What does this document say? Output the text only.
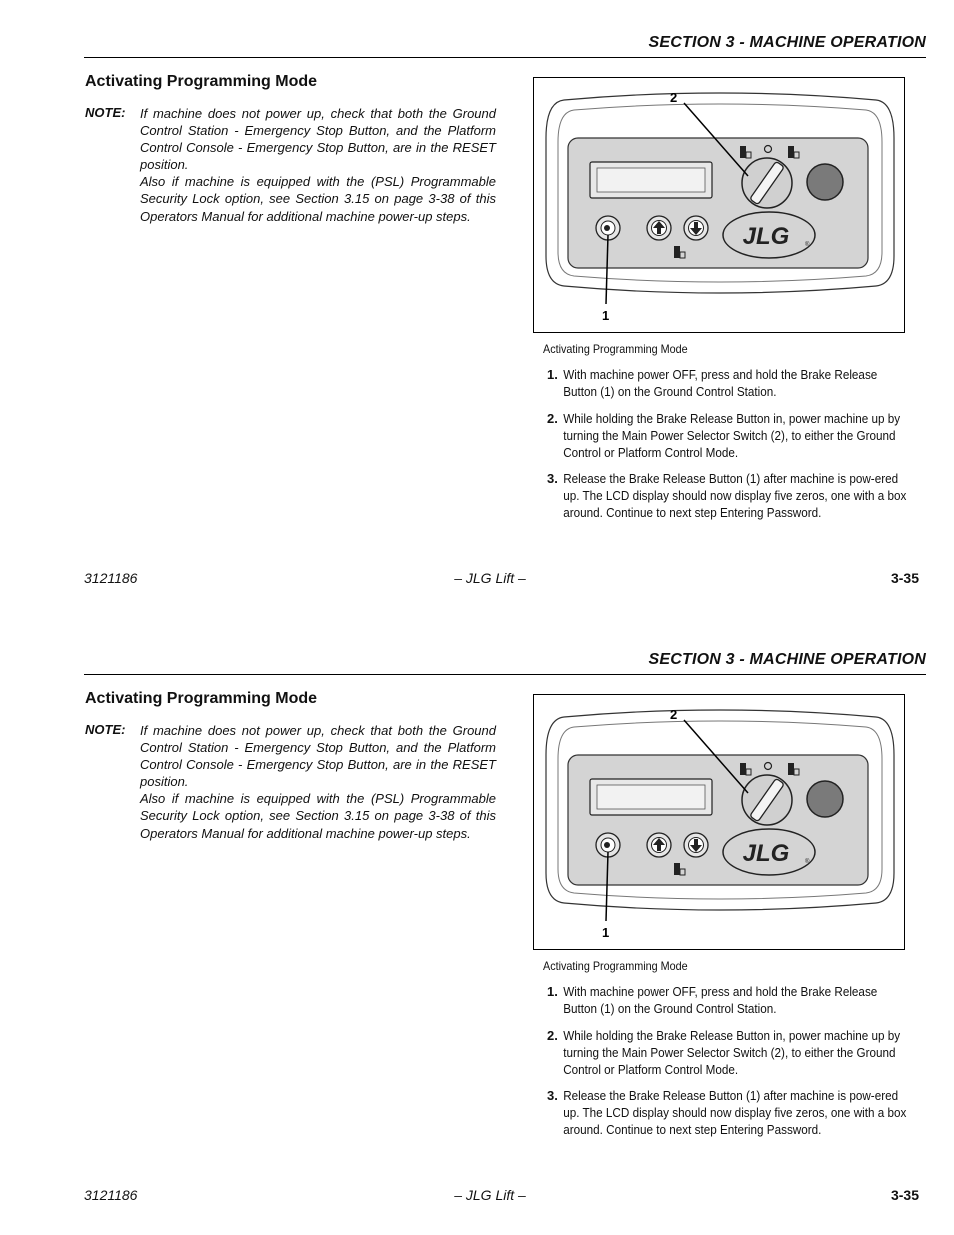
SECTION 3 - MACHINE OPERATION
Activating Programming Mode
NOTE: If machine does not power up, check that both the Ground Control Station - Emergency Stop Button, and the Platform Control Console - Emergency Stop Button, are in the RESET position.

Also if machine is equipped with the (PSL) Programmable Security Lock option, see Section 3.15 on page 3-38 of this Operators Manual for additional machine power-up steps.

JLG	®
2
1
Activating Programming Mode
1. With machine power OFF, press and hold the Brake Release Button (1) on the Ground Control Station.
2. While holding the Brake Release Button in, power machine up by turning the Main Power Selector Switch (2), to either the Ground Control or Platform Control Mode.
3. Release the Brake Release Button (1) after machine is pow-ered up. The LCD display should now display five zeros, one with a box around. Continue to next step Entering Password.
3121186	– JLG Lift –	3-35
SECTION 3 - MACHINE OPERATION
Activating Programming Mode
NOTE: If machine does not power up, check that both the Ground Control Station - Emergency Stop Button, and the Platform Control Console - Emergency Stop Button, are in the RESET position.

Also if machine is equipped with the (PSL) Programmable Security Lock option, see Section 3.15 on page 3-38 of this Operators Manual for additional machine power-up steps.

JLG	®
2
1
Activating Programming Mode
1. With machine power OFF, press and hold the Brake Release Button (1) on the Ground Control Station.
2. While holding the Brake Release Button in, power machine up by turning the Main Power Selector Switch (2), to either the Ground Control or Platform Control Mode.
3. Release the Brake Release Button (1) after machine is pow-ered up. The LCD display should now display five zeros, one with a box around. Continue to next step Entering Password.
3121186	– JLG Lift –	3-35
